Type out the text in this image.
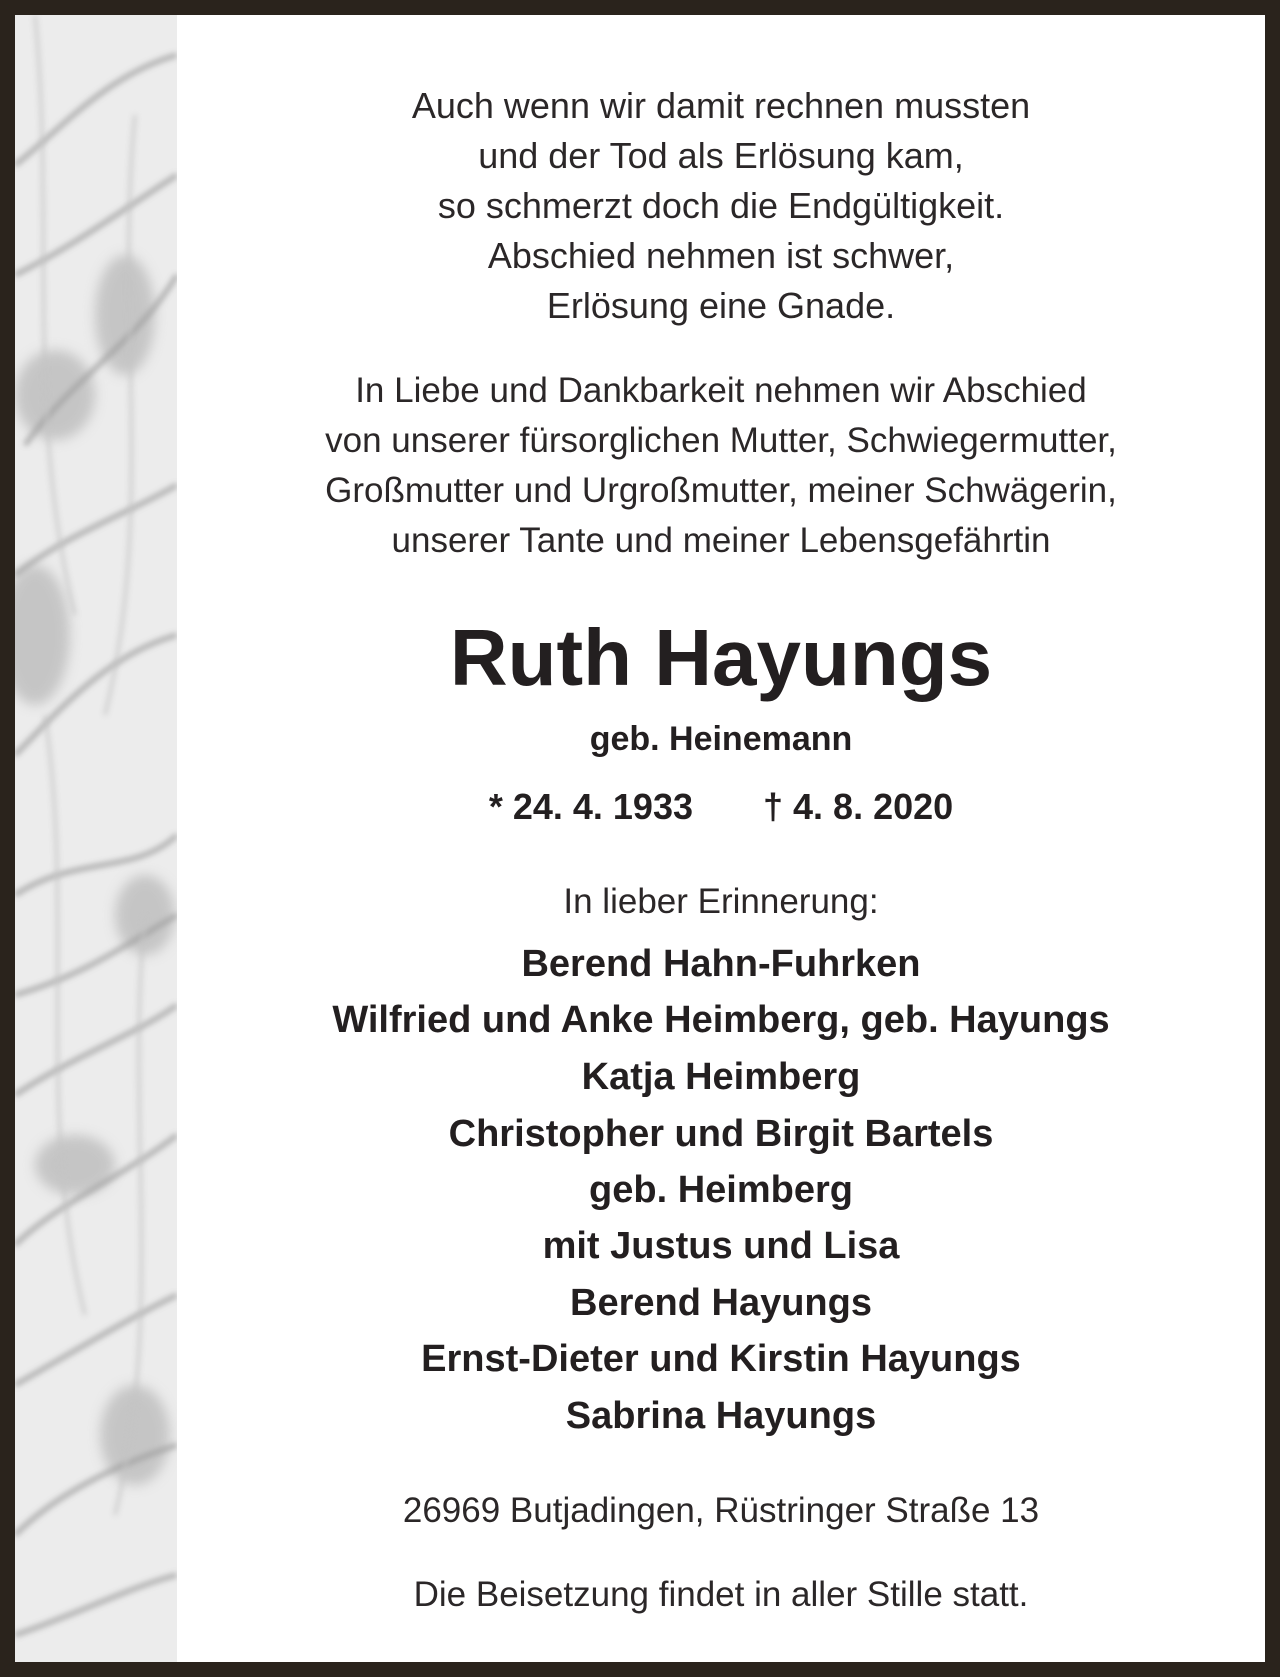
Auch wenn wir damit rechnen mussten
und der Tod als Erlösung kam,
so schmerzt doch die Endgültigkeit.
Abschied nehmen ist schwer,
Erlösung eine Gnade.
In Liebe und Dankbarkeit nehmen wir Abschied
von unserer fürsorglichen Mutter, Schwiegermutter,
Großmutter und Urgroßmutter, meiner Schwägerin,
unserer Tante und meiner Lebensgefährtin
Ruth Hayungs
geb. Heinemann
* 24. 4. 1933 † 4. 8. 2020
In lieber Erinnerung:
Berend Hahn-Fuhrken
Wilfried und Anke Heimberg, geb. Hayungs
Katja Heimberg
Christopher und Birgit Bartels
geb. Heimberg
mit Justus und Lisa
Berend Hayungs
Ernst-Dieter und Kirstin Hayungs
Sabrina Hayungs
26969 Butjadingen, Rüstringer Straße 13
Die Beisetzung findet in aller Stille statt.
